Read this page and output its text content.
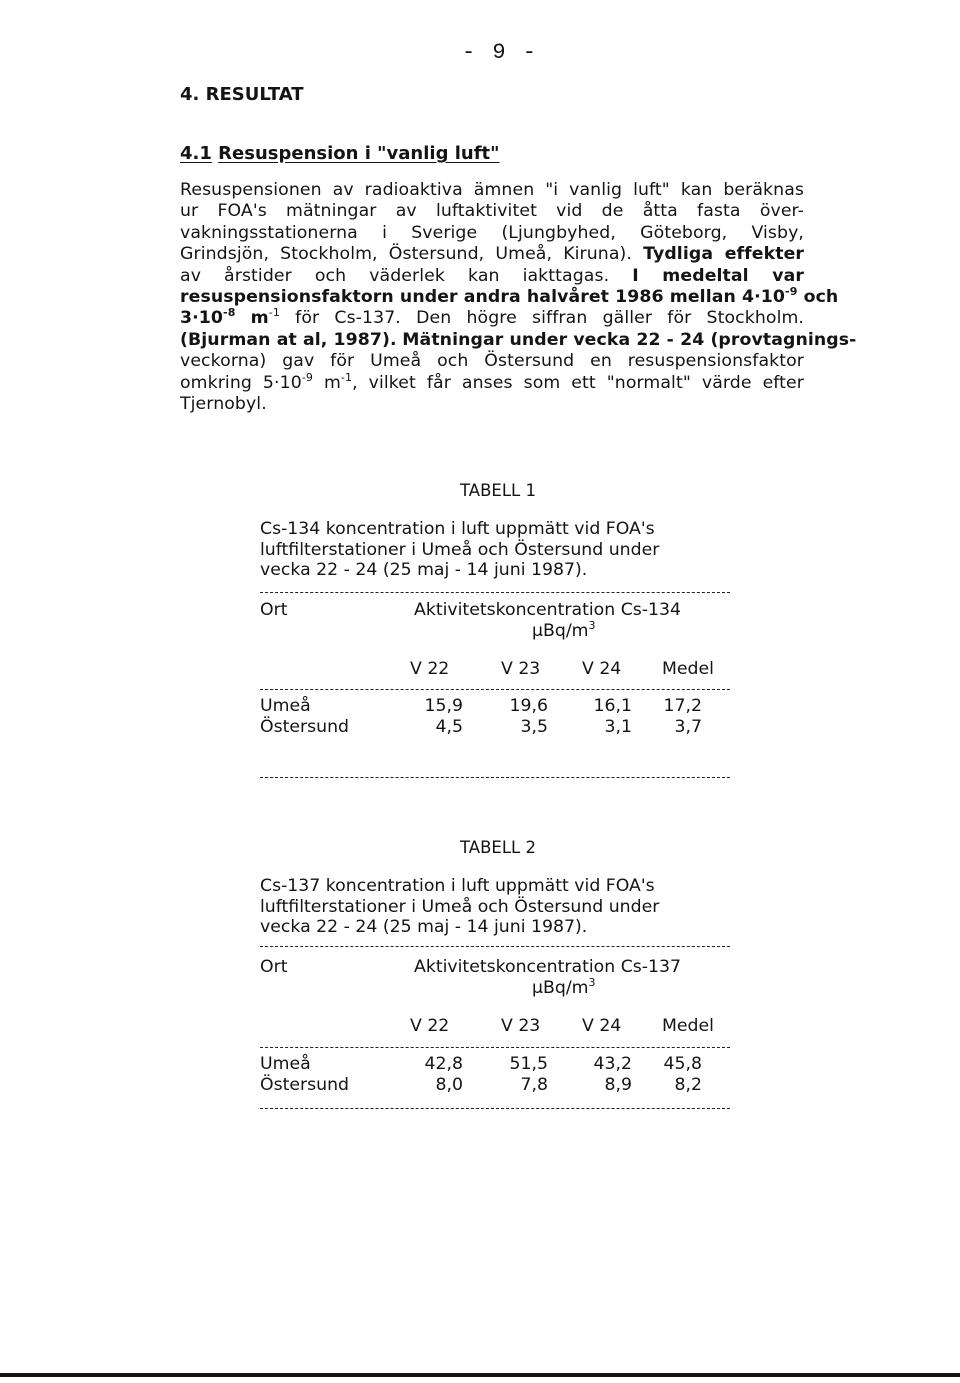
- 9 -
4. RESULTAT
4.1 Resuspension i "vanlig luft"
Resuspensionen av radioaktiva ämnen "i vanlig luft" kan beräknas
ur FOA's mätningar av luftaktivitet vid de åtta fasta över-
vakningsstationerna i Sverige (Ljungbyhed, Göteborg, Visby,
Grindsjön, Stockholm, Östersund, Umeå, Kiruna). Tydliga effekter
av årstider och väderlek kan iakttagas. I medeltal var
resuspensionsfaktorn under andra halvåret 1986 mellan $4\cdot 10^{-9}$ och
$3\cdot 10^{-8}$ $m^{-1}$ för Cs-137. Den högre siffran gäller för Stockholm.
(Bjurman at al, 1987). Mätningar under vecka 22 - 24 (provtagnings-
veckorna) gav för Umeå och Östersund en resuspensionsfaktor
omkring $5\cdot 10^{-9}$ $m^{-1}$, vilket får anses som ett "normalt" värde efter
Tjernobyl.
TABELL 1
Cs-134 koncentration i luft uppmätt vid FOA's
luftfilterstationer i Umeå och Östersund under
vecka 22 - 24 (25 maj - 14 juni 1987).
Ort	Aktivitetskoncentration Cs-134
µBq/$m^3$
V 22	V 23 V 24 Medel
Umeå	15,9	19,6	16,1	17,2
Östersund	4,5	3,5	3,1	3,7
TABELL 2
Cs-137 koncentration i luft uppmätt vid FOA's
luftfilterstationer i Umeå och Östersund under
vecka 22 - 24 (25 maj - 14 juni 1987).
Ort	Aktivitetskoncentration Cs-137
µBq/$m^3$
V 22	V 23 V 24 Medel
Umeå	42,8	51,5	43,2	45,8
Östersund	8,0	7,8	8,9	8,2
